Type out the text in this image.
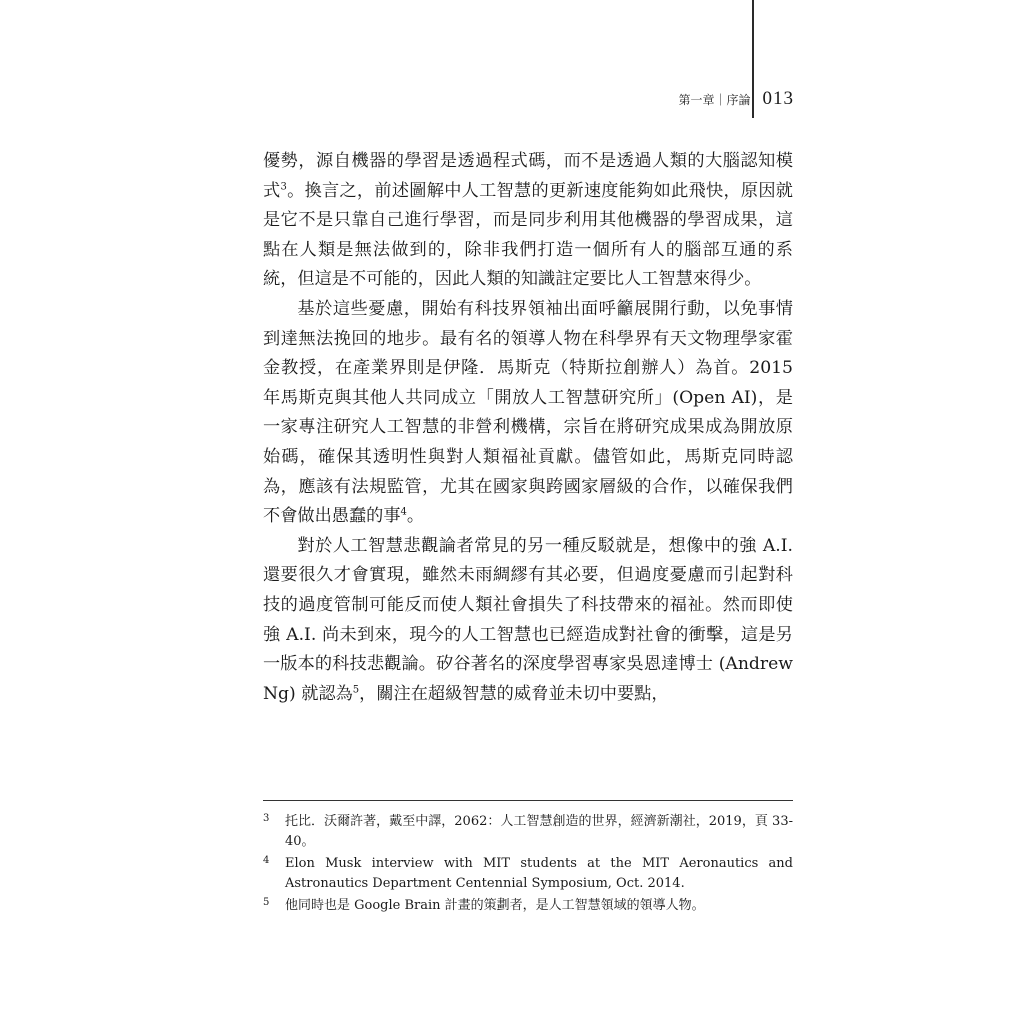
第一章｜序論 013

優勢，源自機器的學習是透過程式碼，而不是透過人類的大腦認知模式$^3$。換言之，前述圖解中人工智慧的更新速度能夠如此飛快，原因就是它不是只靠自己進行學習，而是同步利用其他機器的學習成果，這點在人類是無法做到的，除非我們打造一個所有人的腦部互通的系統，但這是不可能的，因此人類的知識註定要比人工智慧來得少。

基於這些憂慮，開始有科技界領袖出面呼籲展開行動，以免事情到達無法挽回的地步。最有名的領導人物在科學界有天文物理學家霍金教授，在產業界則是伊隆．馬斯克（特斯拉創辦人）為首。2015 年馬斯克與其他人共同成立「開放人工智慧研究所」(Open AI)，是一家專注研究人工智慧的非營利機構，宗旨在將研究成果成為開放原始碼，確保其透明性與對人類福祉貢獻。儘管如此，馬斯克同時認為，應該有法規監管，尤其在國家與跨國家層級的合作，以確保我們不會做出愚蠢的事$^4$。

對於人工智慧悲觀論者常見的另一種反駁就是，想像中的強 A.I. 還要很久才會實現，雖然未雨綢繆有其必要，但過度憂慮而引起對科技的過度管制可能反而使人類社會損失了科技帶來的福祉。然而即使強 A.I. 尚未到來，現今的人工智慧也已經造成對社會的衝擊，這是另一版本的科技悲觀論。矽谷著名的深度學習專家吳恩達博士 (Andrew Ng) 就認為$^5$，關注在超級智慧的威脅並未切中要點，

3	托比．沃爾許著，戴至中譯，2062：人工智慧創造的世界，經濟新潮社，2019，頁 33-40。
4	Elon Musk interview with MIT students at the MIT Aeronautics and Astronautics Department Centennial Symposium, Oct. 2014.
5	他同時也是 Google Brain 計畫的策劃者，是人工智慧領域的領導人物。
